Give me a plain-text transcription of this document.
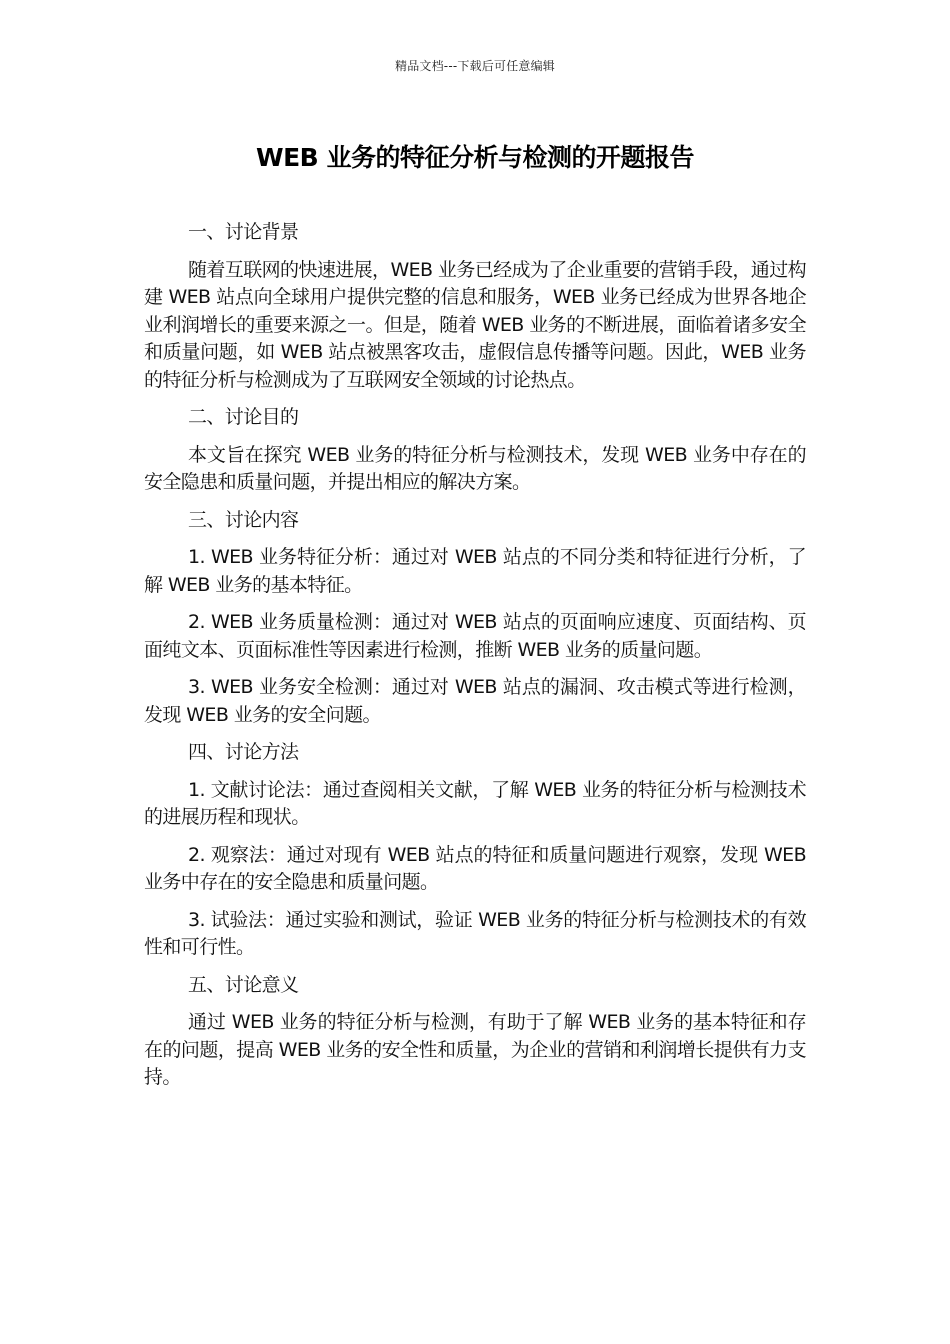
精品文档---下载后可任意编辑
WEB 业务的特征分析与检测的开题报告

一、讨论背景

随着互联网的快速进展，WEB 业务已经成为了企业重要的营销手段，通过构建 WEB 站点向全球用户提供完整的信息和服务，WEB 业务已经成为世界各地企业利润增长的重要来源之一。但是，随着 WEB 业务的不断进展，面临着诸多安全和质量问题，如 WEB 站点被黑客攻击，虚假信息传播等问题。因此，WEB 业务的特征分析与检测成为了互联网安全领域的讨论热点。

二、讨论目的

本文旨在探究 WEB 业务的特征分析与检测技术，发现 WEB 业务中存在的安全隐患和质量问题，并提出相应的解决方案。

三、讨论内容

1. WEB 业务特征分析：通过对 WEB 站点的不同分类和特征进行分析，了解 WEB 业务的基本特征。

2. WEB 业务质量检测：通过对 WEB 站点的页面响应速度、页面结构、页面纯文本、页面标准性等因素进行检测，推断 WEB 业务的质量问题。

3. WEB 业务安全检测：通过对 WEB 站点的漏洞、攻击模式等进行检测，发现 WEB 业务的安全问题。

四、讨论方法

1. 文献讨论法：通过查阅相关文献，了解 WEB 业务的特征分析与检测技术的进展历程和现状。

2. 观察法：通过对现有 WEB 站点的特征和质量问题进行观察，发现 WEB 业务中存在的安全隐患和质量问题。

3. 试验法：通过实验和测试，验证 WEB 业务的特征分析与检测技术的有效性和可行性。

五、讨论意义

通过 WEB 业务的特征分析与检测，有助于了解 WEB 业务的基本特征和存在的问题，提高 WEB 业务的安全性和质量，为企业的营销和利润增长提供有力支持。
